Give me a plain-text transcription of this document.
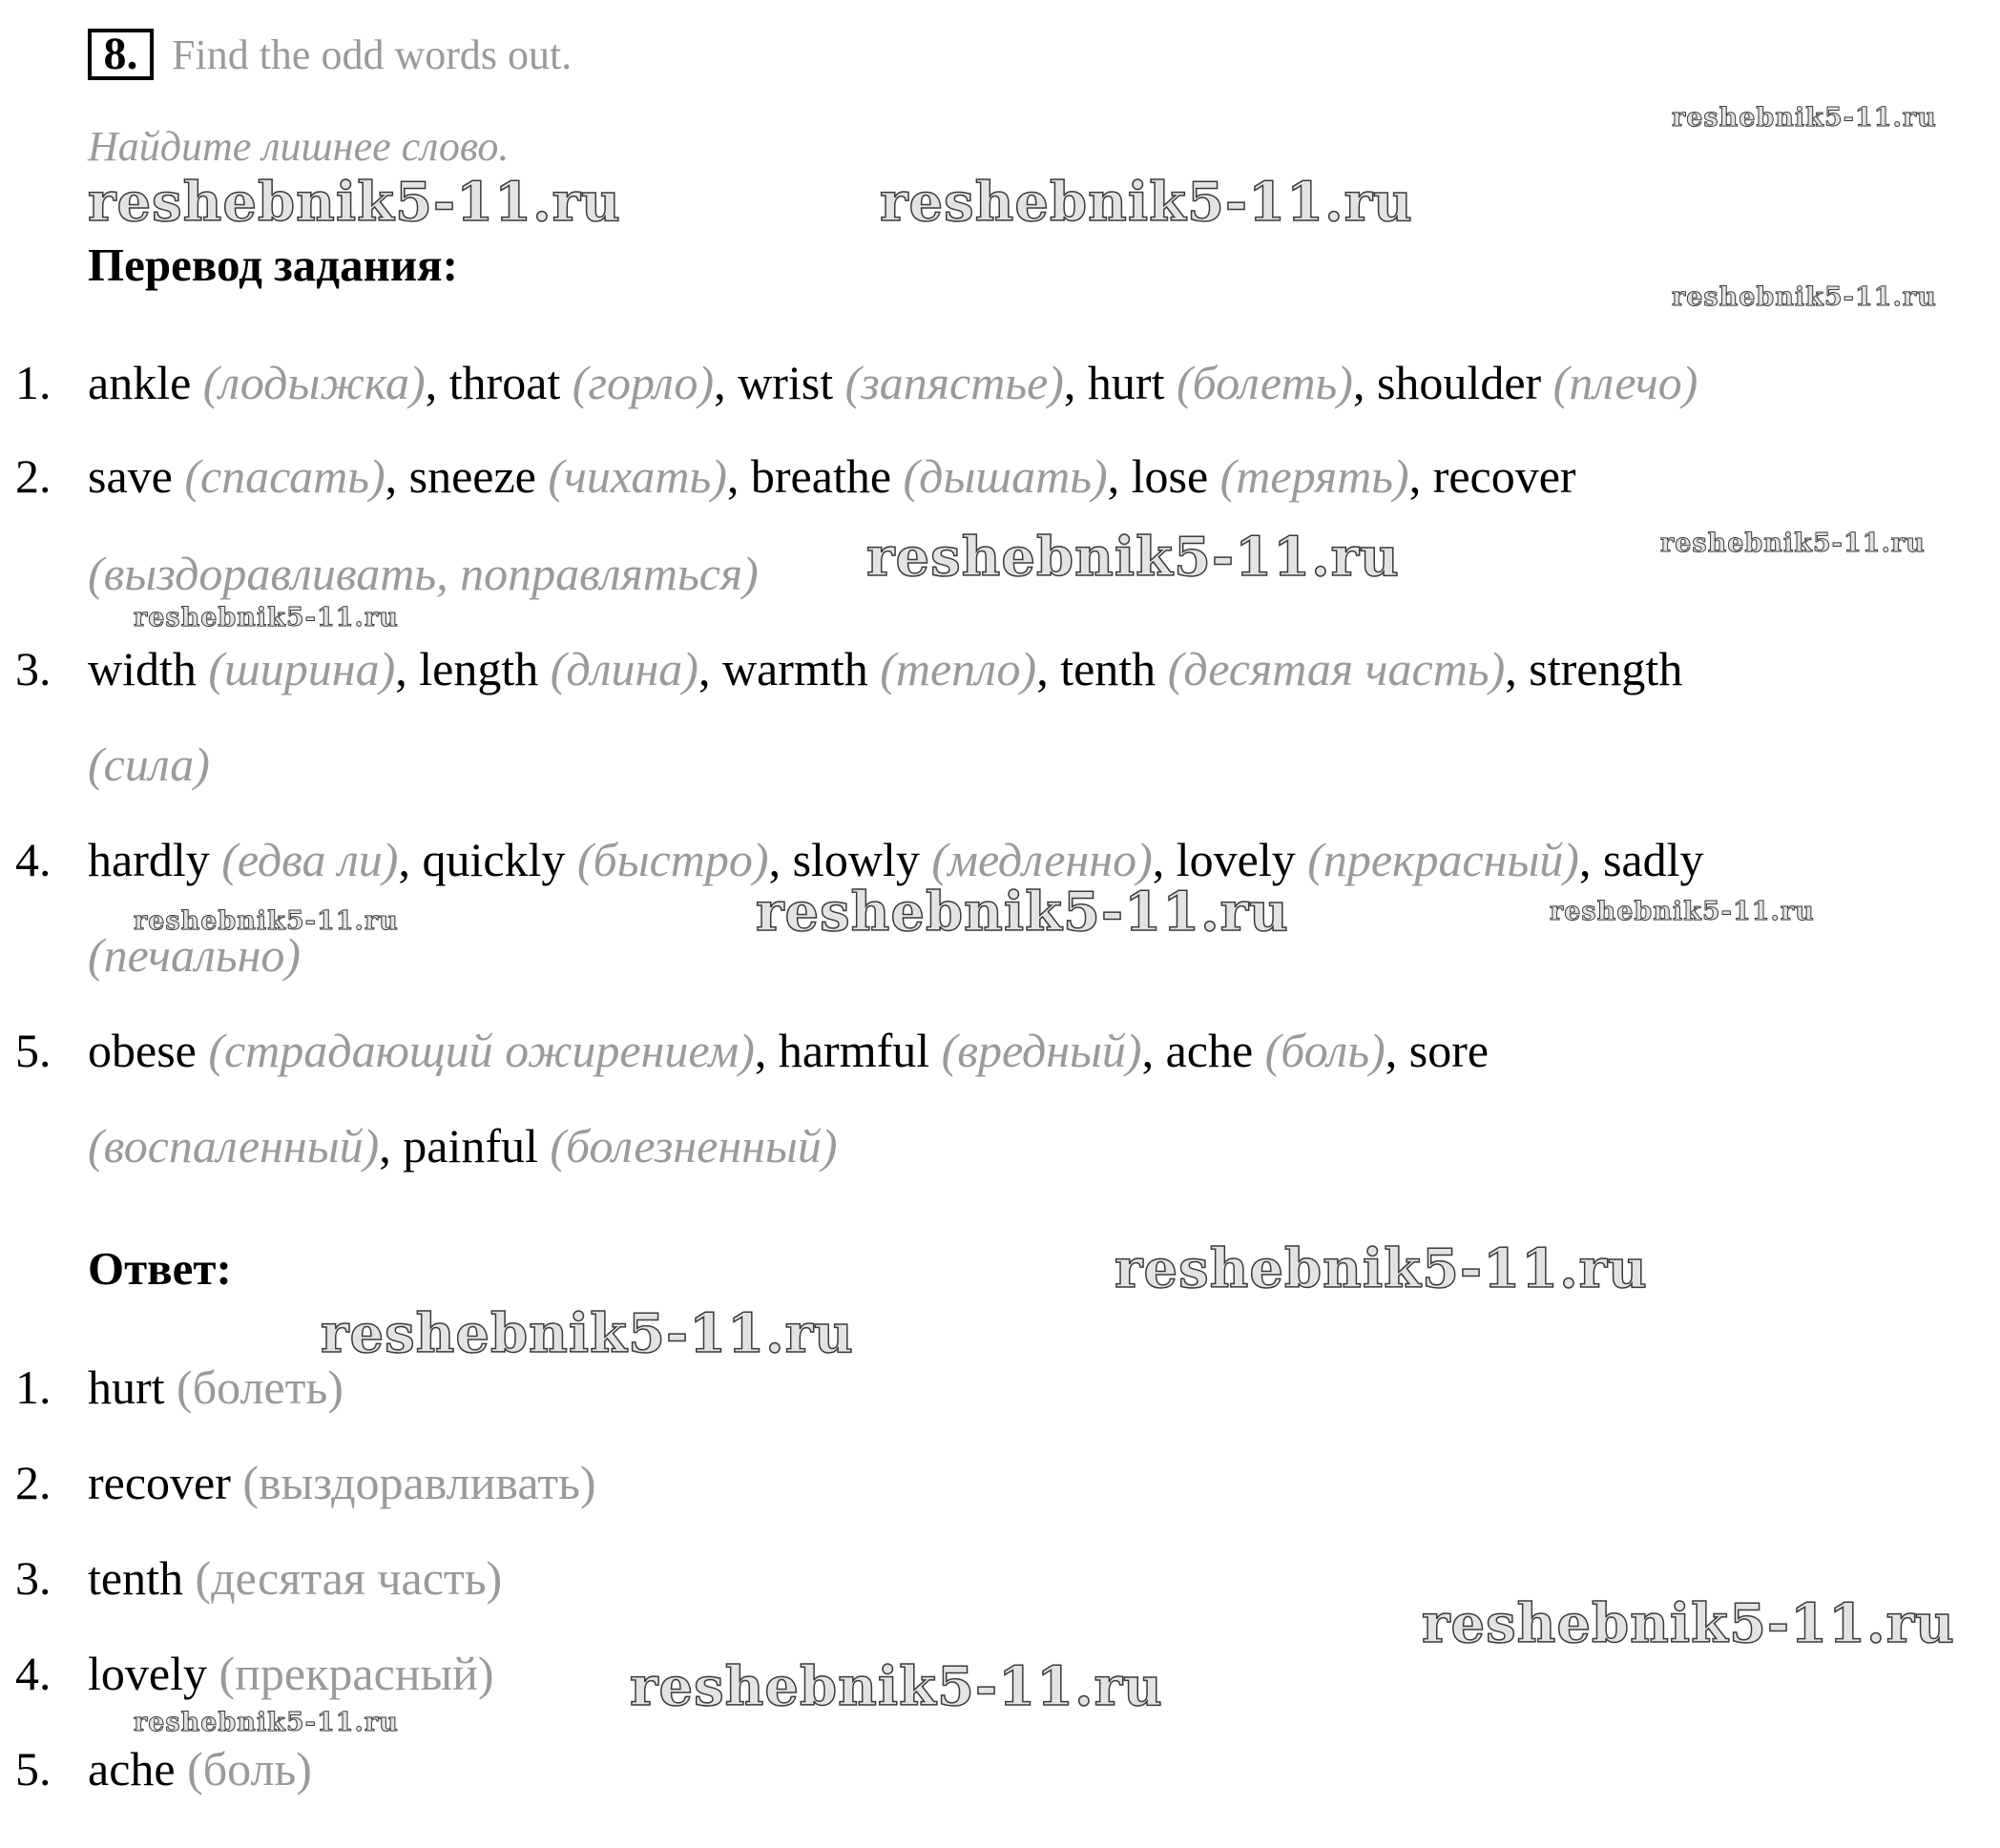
8. Find the odd words out.
Найдите лишнее слово.
Перевод задания:
1. ankle (лодыжка), throat (горло), wrist (запястье), hurt (болеть), shoulder (плечо)
2. save (спасать), sneeze (чихать), breathe (дышать), lose (терять), recover
(выздоравливать, поправляться)
3. width (ширина), length (длина), warmth (тепло), tenth (десятая часть), strength
(сила)
4. hardly (едва ли), quickly (быстро), slowly (медленно), lovely (прекрасный), sadly
(печально)
5. obese (страдающий ожирением), harmful (вредный), ache (боль), sore
(воспаленный), painful (болезненный)
Ответ:
1. hurt (болеть)
2. recover (выздоравливать)
3. tenth (десятая часть)
4. lovely (прекрасный)
5. ache (боль)
reshebnik5-11.ru
reshebnik5-11.ru	reshebnik5-11.ru
reshebnik5-11.ru
reshebnik5-11.ru	reshebnik5-11.ru
reshebnik5-11.ru
reshebnik5-11.ru
reshebnik5-11.ru	reshebnik5-11.ru
reshebnik5-11.ru
reshebnik5-11.ru
reshebnik5-11.ru
reshebnik5-11.ru
reshebnik5-11.ru
